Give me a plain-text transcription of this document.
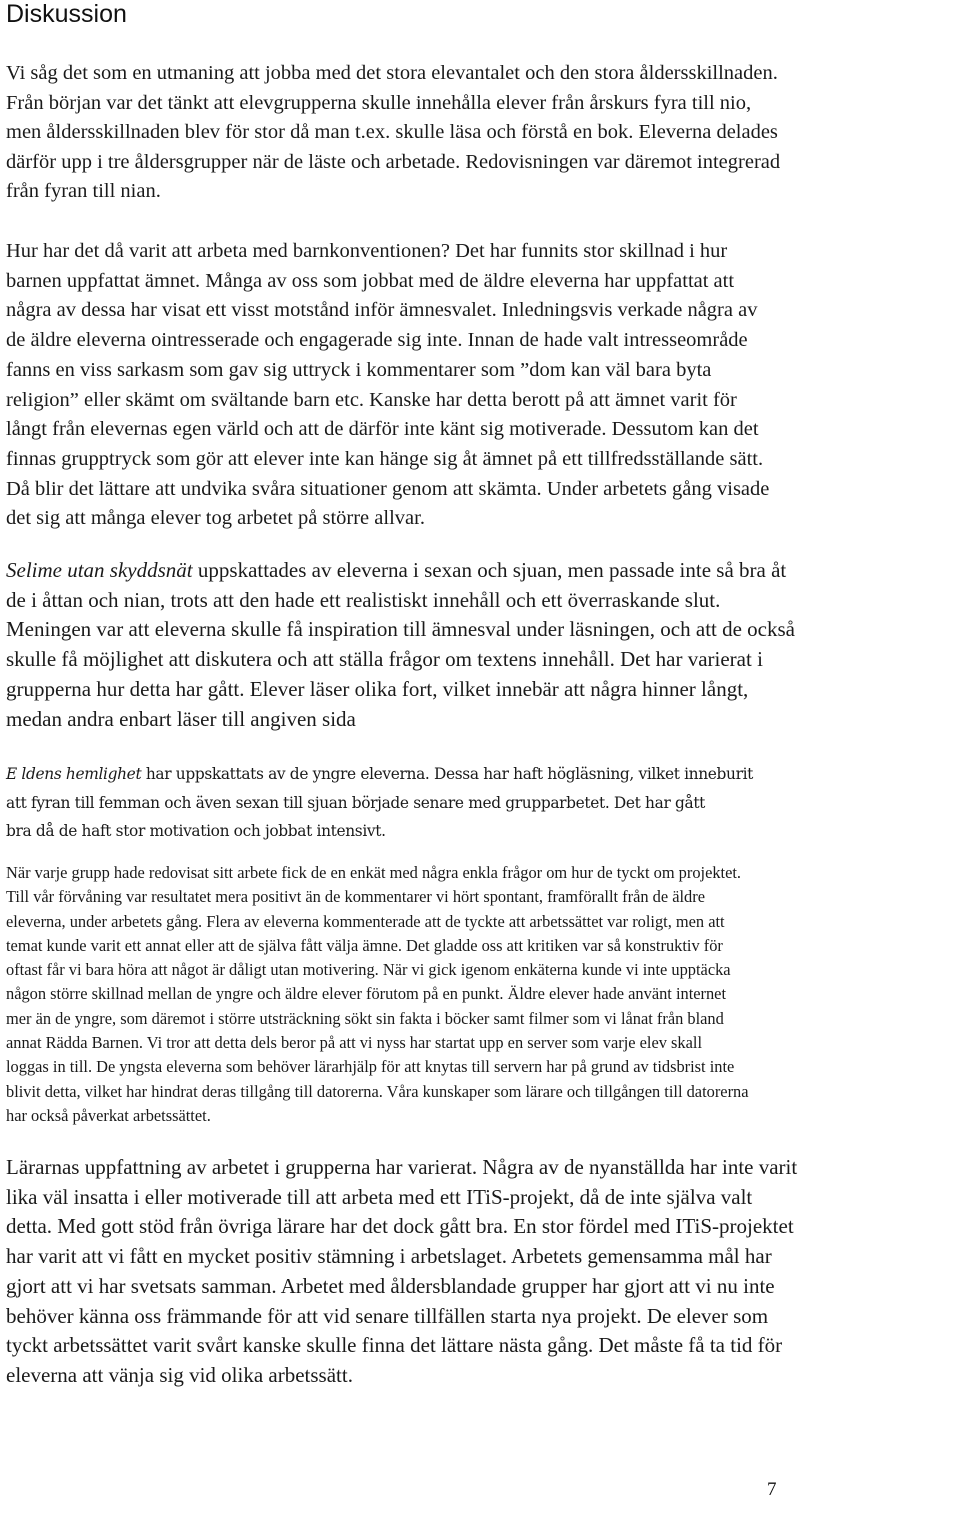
Diskussion

Vi såg det som en utmaning att jobba med det stora elevantalet och den stora åldersskillnaden.
Från början var det tänkt att elevgrupperna skulle innehålla elever från årskurs fyra till nio,
men åldersskillnaden blev för stor då man t.ex. skulle läsa och förstå en bok. Eleverna delades
därför upp i tre åldersgrupper när de läste och arbetade. Redovisningen var däremot integrerad
från fyran till nian.

Hur har det då varit att arbeta med barnkonventionen? Det har funnits stor skillnad i hur
barnen uppfattat ämnet. Många av oss som jobbat med de äldre eleverna har uppfattat att
några av dessa har visat ett visst motstånd inför ämnesvalet. Inledningsvis verkade några av
de äldre eleverna ointresserade och engagerade sig inte. Innan de hade valt intresseområde
fanns en viss sarkasm som gav sig uttryck i kommentarer som ”dom kan väl bara byta
religion” eller skämt om svältande barn etc. Kanske har detta berott på att ämnet varit för
långt från elevernas egen värld och att de därför inte känt sig motiverade. Dessutom kan det
finnas grupptryck som gör att elever inte kan hänge sig åt ämnet på ett tillfredsställande sätt.
Då blir det lättare att undvika svåra situationer genom att skämta. Under arbetets gång visade
det sig att många elever tog arbetet på större allvar.

Selime utan skyddsnät uppskattades av eleverna i sexan och sjuan, men passade inte så bra åt
de i åttan och nian, trots att den hade ett realistiskt innehåll och ett överraskande slut.
Meningen var att eleverna skulle få inspiration till ämnesval under läsningen, och att de också
skulle få möjlighet att diskutera och att ställa frågor om textens innehåll. Det har varierat i
grupperna hur detta har gått. Elever läser olika fort, vilket innebär att några hinner långt,
medan andra enbart läser till angiven sida

E ldens hemlighet har uppskattats av de yngre eleverna. Dessa har haft högläsning, vilket inneburit
att fyran till femman och även sexan till sjuan började senare med grupparbetet. Det har gått
bra då de haft stor motivation och jobbat intensivt.

När varje grupp hade redovisat sitt arbete fick de en enkät med några enkla frågor om hur de tyckt om projektet.
Till vår förvåning var resultatet mera positivt än de kommentarer vi hört spontant, framförallt från de äldre
eleverna, under arbetets gång. Flera av eleverna kommenterade att de tyckte att arbetssättet var roligt, men att
temat kunde varit ett annat eller att de själva fått välja ämne. Det gladde oss att kritiken var så konstruktiv för
oftast får vi bara höra att något är dåligt utan motivering. När vi gick igenom enkäterna kunde vi inte upptäcka
någon större skillnad mellan de yngre och äldre elever förutom på en punkt. Äldre elever hade använt internet
mer än de yngre, som däremot i större utsträckning sökt sin fakta i böcker samt filmer som vi lånat från bland
annat Rädda Barnen. Vi tror att detta dels beror på att vi nyss har startat upp en server som varje elev skall
loggas in till. De yngsta eleverna som behöver lärarhjälp för att knytas till servern har på grund av tidsbrist inte
blivit detta, vilket har hindrat deras tillgång till datorerna. Våra kunskaper som lärare och tillgången till datorerna
har också påverkat arbetssättet.

Lärarnas uppfattning av arbetet i grupperna har varierat. Några av de nyanställda har inte varit
lika väl insatta i eller motiverade till att arbeta med ett ITiS-projekt, då de inte själva valt
detta. Med gott stöd från övriga lärare har det dock gått bra. En stor fördel med ITiS-projektet
har varit att vi fått en mycket positiv stämning i arbetslaget. Arbetets gemensamma mål har
gjort att vi har svetsats samman. Arbetet med åldersblandade grupper har gjort att vi nu inte
behöver känna oss främmande för att vid senare tillfällen starta nya projekt. De elever som
tyckt arbetssättet varit svårt kanske skulle finna det lättare nästa gång. Det måste få ta tid för
eleverna att vänja sig vid olika arbetssätt.

7
